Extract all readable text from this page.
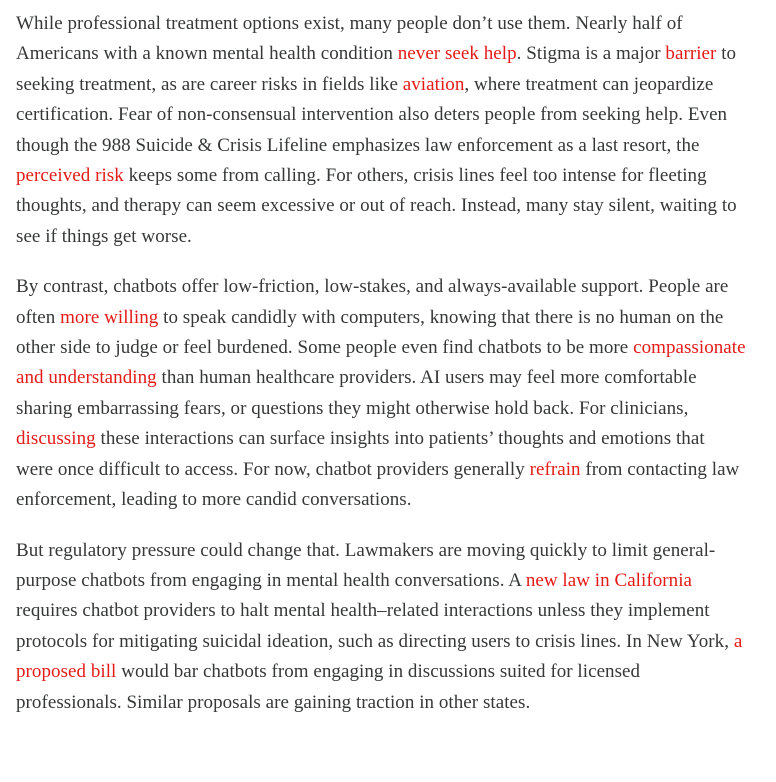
While professional treatment options exist, many people don’t use them. Nearly half of Americans with a known mental health condition never seek help. Stigma is a major barrier to seeking treatment, as are career risks in fields like aviation, where treatment can jeopardize certification. Fear of non-consensual intervention also deters people from seeking help. Even though the 988 Suicide & Crisis Lifeline emphasizes law enforcement as a last resort, the perceived risk keeps some from calling. For others, crisis lines feel too intense for fleeting thoughts, and therapy can seem excessive or out of reach. Instead, many stay silent, waiting to see if things get worse.

By contrast, chatbots offer low-friction, low-stakes, and always-available support. People are often more willing to speak candidly with computers, knowing that there is no human on the other side to judge or feel burdened. Some people even find chatbots to be more compassionate and understanding than human healthcare providers. AI users may feel more comfortable sharing embarrassing fears, or questions they might otherwise hold back. For clinicians, discussing these interactions can surface insights into patients’ thoughts and emotions that were once difficult to access. For now, chatbot providers generally refrain from contacting law enforcement, leading to more candid conversations.

But regulatory pressure could change that. Lawmakers are moving quickly to limit general-purpose chatbots from engaging in mental health conversations. A new law in California requires chatbot providers to halt mental health–related interactions unless they implement protocols for mitigating suicidal ideation, such as directing users to crisis lines. In New York, a proposed bill would bar chatbots from engaging in discussions suited for licensed professionals. Similar proposals are gaining traction in other states.
